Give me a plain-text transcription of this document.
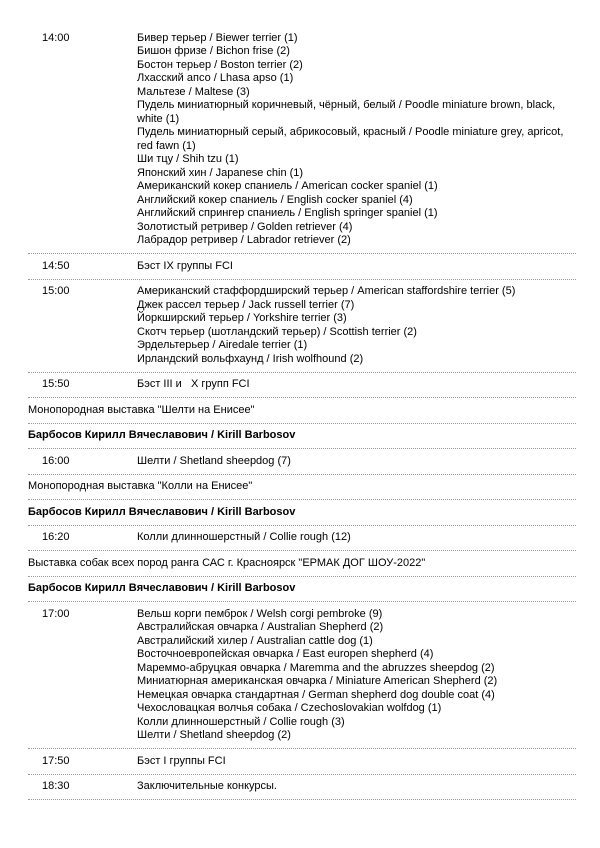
14:00	Бивер терьер / Biewer terrier (1)
Бишон фризе / Bichon frise (2)
Бостон терьер / Boston terrier (2)
Лхасский апсо / Lhasa apso (1)
Мальтезе / Maltese (3)
Пудель миниатюрный коричневый, чёрный, белый / Poodle miniature brown, black, white (1)
Пудель миниатюрный серый, абрикосовый, красный / Poodle miniature grey, apricot, red fawn (1)
Ши тцу / Shih tzu (1)
Японский хин / Japanese chin (1)
Американский кокер спаниель / American cocker spaniel (1)
Английский кокер спаниель / English cocker spaniel (4)
Английский спрингер спаниель / English springer spaniel (1)
Золотистый ретривер / Golden retriever (4)
Лабрадор ретривер / Labrador retriever (2)
14:50	Бэст IX группы FCI
15:00	Американский стаффордширский терьер / American staffordshire terrier (5)
Джек рассел терьер / Jack russell terrier (7)
Йоркширский терьер / Yorkshire terrier (3)
Скотч терьер (шотландский терьер) / Scottish terrier (2)
Эрдельтерьер / Airedale terrier (1)
Ирландский вольфхаунд / Irish wolfhound (2)
15:50	Бэст III и   X групп FCI
Монопородная выставка "Шелти на Енисее"
Барбосов Кирилл Вячеславович / Kirill Barbosov
16:00	Шелти / Shetland sheepdog (7)
Монопородная выставка "Колли на Енисее"
Барбосов Кирилл Вячеславович / Kirill Barbosov
16:20	Колли длинношерстный / Collie rough (12)
Выставка собак всех пород ранга САС г. Красноярск "ЕРМАК ДОГ ШОУ-2022"
Барбосов Кирилл Вячеславович / Kirill Barbosov
17:00	Вельш корги пемброк / Welsh corgi pembroke (9)
Австралийская овчарка / Australian Shepherd (2)
Австралийский хилер / Australian cattle dog (1)
Восточноевропейская овчарка / East europen shepherd (4)
Мареммо-абруцкая овчарка / Maremma and the abruzzes sheepdog (2)
Миниатюрная американская овчарка / Miniature American Shepherd (2)
Немецкая овчарка стандартная / German shepherd dog double coat (4)
Чехословацкая волчья собака / Czechoslovakian wolfdog (1)
Колли длинношерстный / Collie rough (3)
Шелти / Shetland sheepdog (2)
17:50	Бэст I группы FCI
18:30	Заключительные конкурсы.
